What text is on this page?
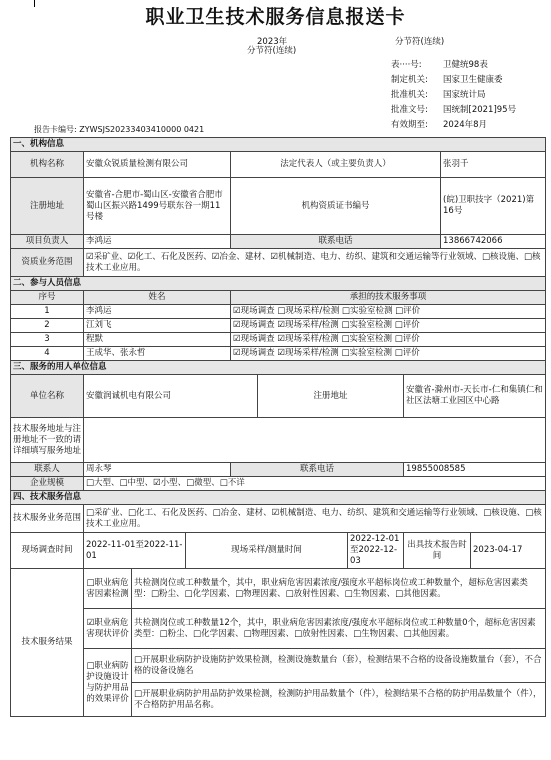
职业卫生技术服务信息报送卡
2023年	分节符(连续)
分节符(连续)
表····号:	卫健统98表
制定机关: 国家卫生健康委
批准机关: 国家统计局
批准文号: 国统制[2021]95号
有效期至: 2024年8月
报告卡编号: ZYWSJS20233403410000 0421
一、机构信息									
机构名称	安徽众锐质量检测有限公司			法定代表人（或主要负责人）				张羽千	
注册地址	安徽省-合肥市-蜀山区-安徽省合肥市蜀山区振兴路1499号联东谷一期11号楼			机构资质证书编号				(皖)卫职技字（2021)第16号	
项目负责人	李鸿运			联系电话				13866742066	
资质业务范围	☑采矿业、☑化工、石化及医药、☑冶金、建材、☑机械制造、电力、纺织、建筑和交通运输等行业领域、□核设施、□核技术工业应用。								
二、参与人员信息									
序号	姓名			承担的技术服务事项					
1	李鸿运			☑现场调查 □现场采样/检测 □实验室检测 □评价					
2	江刘飞			☑现场调查 ☑现场采样/检测 □实验室检测 □评价					
3	程默			☑现场调查 ☑现场采样/检测 □实验室检测 □评价					
4	王成华、张永哲			☑现场调查 ☑现场采样/检测 □实验室检测 □评价					
三、服务的用人单位信息									
单位名称	安徽润诚机电有限公司				注册地址		安徽省-滁州市-天长市-仁和集镇仁和社区法塘工业园区中心路		
技术服务地址与注册地址不一致的请详细填写服务地址									
联系人	周永琴			联系电话			19855008585		
企业规模	□大型、□中型、☑小型、□微型、□不详								
四、技术服务信息									
技术服务业务范围	□采矿业、□化工、石化及医药、□冶金、建材、☑机械制造、电力、纺织、建筑和交通运输等行业领域、□核设施、□核技术工业应用。								
现场调查时间	2022-11-01至2022-11-01		现场采样/测量时间			2022-12-01至2022-12-03	出具技术报告时间		2023-04-17
技术服务结果	□职业病危害因素检测	共检测岗位或工种数量个，其中，职业病危害因素浓度/强度水平超标岗位或工种数量个，超标危害因素类型：□粉尘、□化学因素、□物理因素、□放射性因素、□生物因素、□其他因素。							
	☑职业病危害现状评价	共检测岗位或工种数量12个，其中，职业病危害因素浓度/强度水平超标岗位或工种数量0个，超标危害因素类型：□粉尘、□化学因素、□物理因素、□放射性因素、□生物因素、□其他因素。							
	□职业病防护设施设计与防护用品的效果评价	□开展职业病防护设施防护效果检测，检测设施数量台（套），检测结果不合格的设备设施数量台（套），不合格的设备设施名							
		□开展职业病防护用品防护效果检测，检测防护用品数量个（件），检测结果不合格的防护用品数量个（件），不合格防护用品名称。							
